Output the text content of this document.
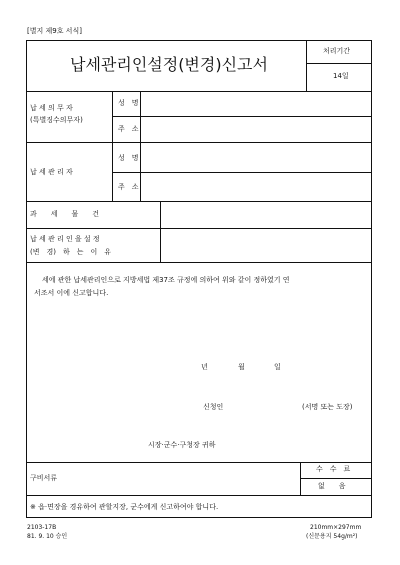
[별지 제9호 서식]
납세관리인설정(변경)신고서
처리기간
14일
납 세 의 무 자
(특별징수의무자)
성　명
주　소
납 세 관 리 자
성　명
주　소
과　　세　　물　　건
납 세 관 리 인 을 설 정
(변　경)　하　는　이　유
세에 관한 납세관리인으로 지방세법 제37조 규정에 의하여 위와 같이 정하였기 연
서조서 이에 신고합니다.
년	월	일
신청인	(서명 또는 도장)
시장·군수·구청장 귀하
구비서류
수　수　료
없　　음
※ 읍·면장을 경유하여 관할지장, 군수에게 신고하여야 합니다.
2103-17B
81. 9. 10 승인
210mm×297mm
(신문용지 54g/m²)
